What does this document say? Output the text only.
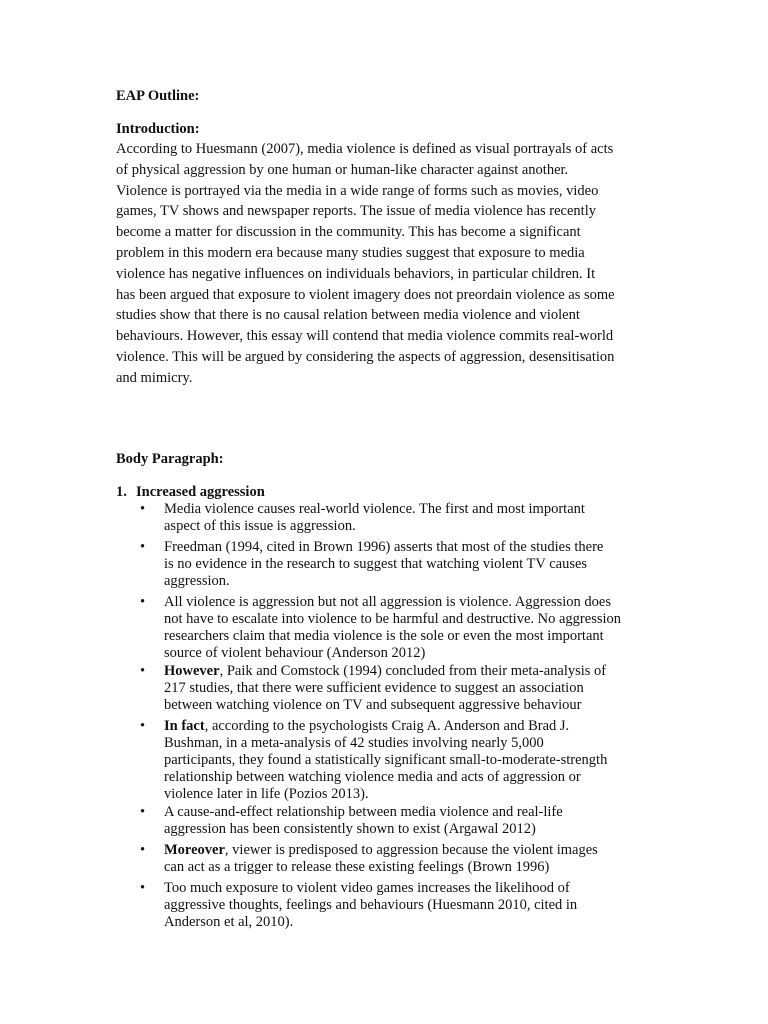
EAP Outline:

Introduction:

According to Huesmann (2007), media violence is defined as visual portrayals of acts
of physical aggression by one human or human-like character against another.
Violence is portrayed via the media in a wide range of forms such as movies, video
games, TV shows and newspaper reports. The issue of media violence has recently
become a matter for discussion in the community. This has become a significant
problem in this modern era because many studies suggest that exposure to media
violence has negative influences on individuals behaviors, in particular children. It
has been argued that exposure to violent imagery does not preordain violence as some
studies show that there is no causal relation between media violence and violent
behaviours. However, this essay will contend that media violence commits real-world
violence. This will be argued by considering the aspects of aggression, desensitisation
and mimicry.

Body Paragraph:

1. Increased aggression

• Media violence causes real-world violence. The first and most important
aspect of this issue is aggression.
• Freedman (1994, cited in Brown 1996) asserts that most of the studies there
is no evidence in the research to suggest that watching violent TV causes
aggression.
• All violence is aggression but not all aggression is violence. Aggression does
not have to escalate into violence to be harmful and destructive. No aggression
researchers claim that media violence is the sole or even the most important
source of violent behaviour (Anderson 2012)
• However, Paik and Comstock (1994) concluded from their meta-analysis of
217 studies, that there were sufficient evidence to suggest an association
between watching violence on TV and subsequent aggressive behaviour
• In fact, according to the psychologists Craig A. Anderson and Brad J.
Bushman, in a meta-analysis of 42 studies involving nearly 5,000
participants, they found a statistically significant small-to-moderate-strength
relationship between watching violence media and acts of aggression or
violence later in life (Pozios 2013).
• A cause-and-effect relationship between media violence and real-life
aggression has been consistently shown to exist (Argawal 2012)
• Moreover, viewer is predisposed to aggression because the violent images
can act as a trigger to release these existing feelings (Brown 1996)
• Too much exposure to violent video games increases the likelihood of
aggressive thoughts, feelings and behaviours (Huesmann 2010, cited in
Anderson et al, 2010).
